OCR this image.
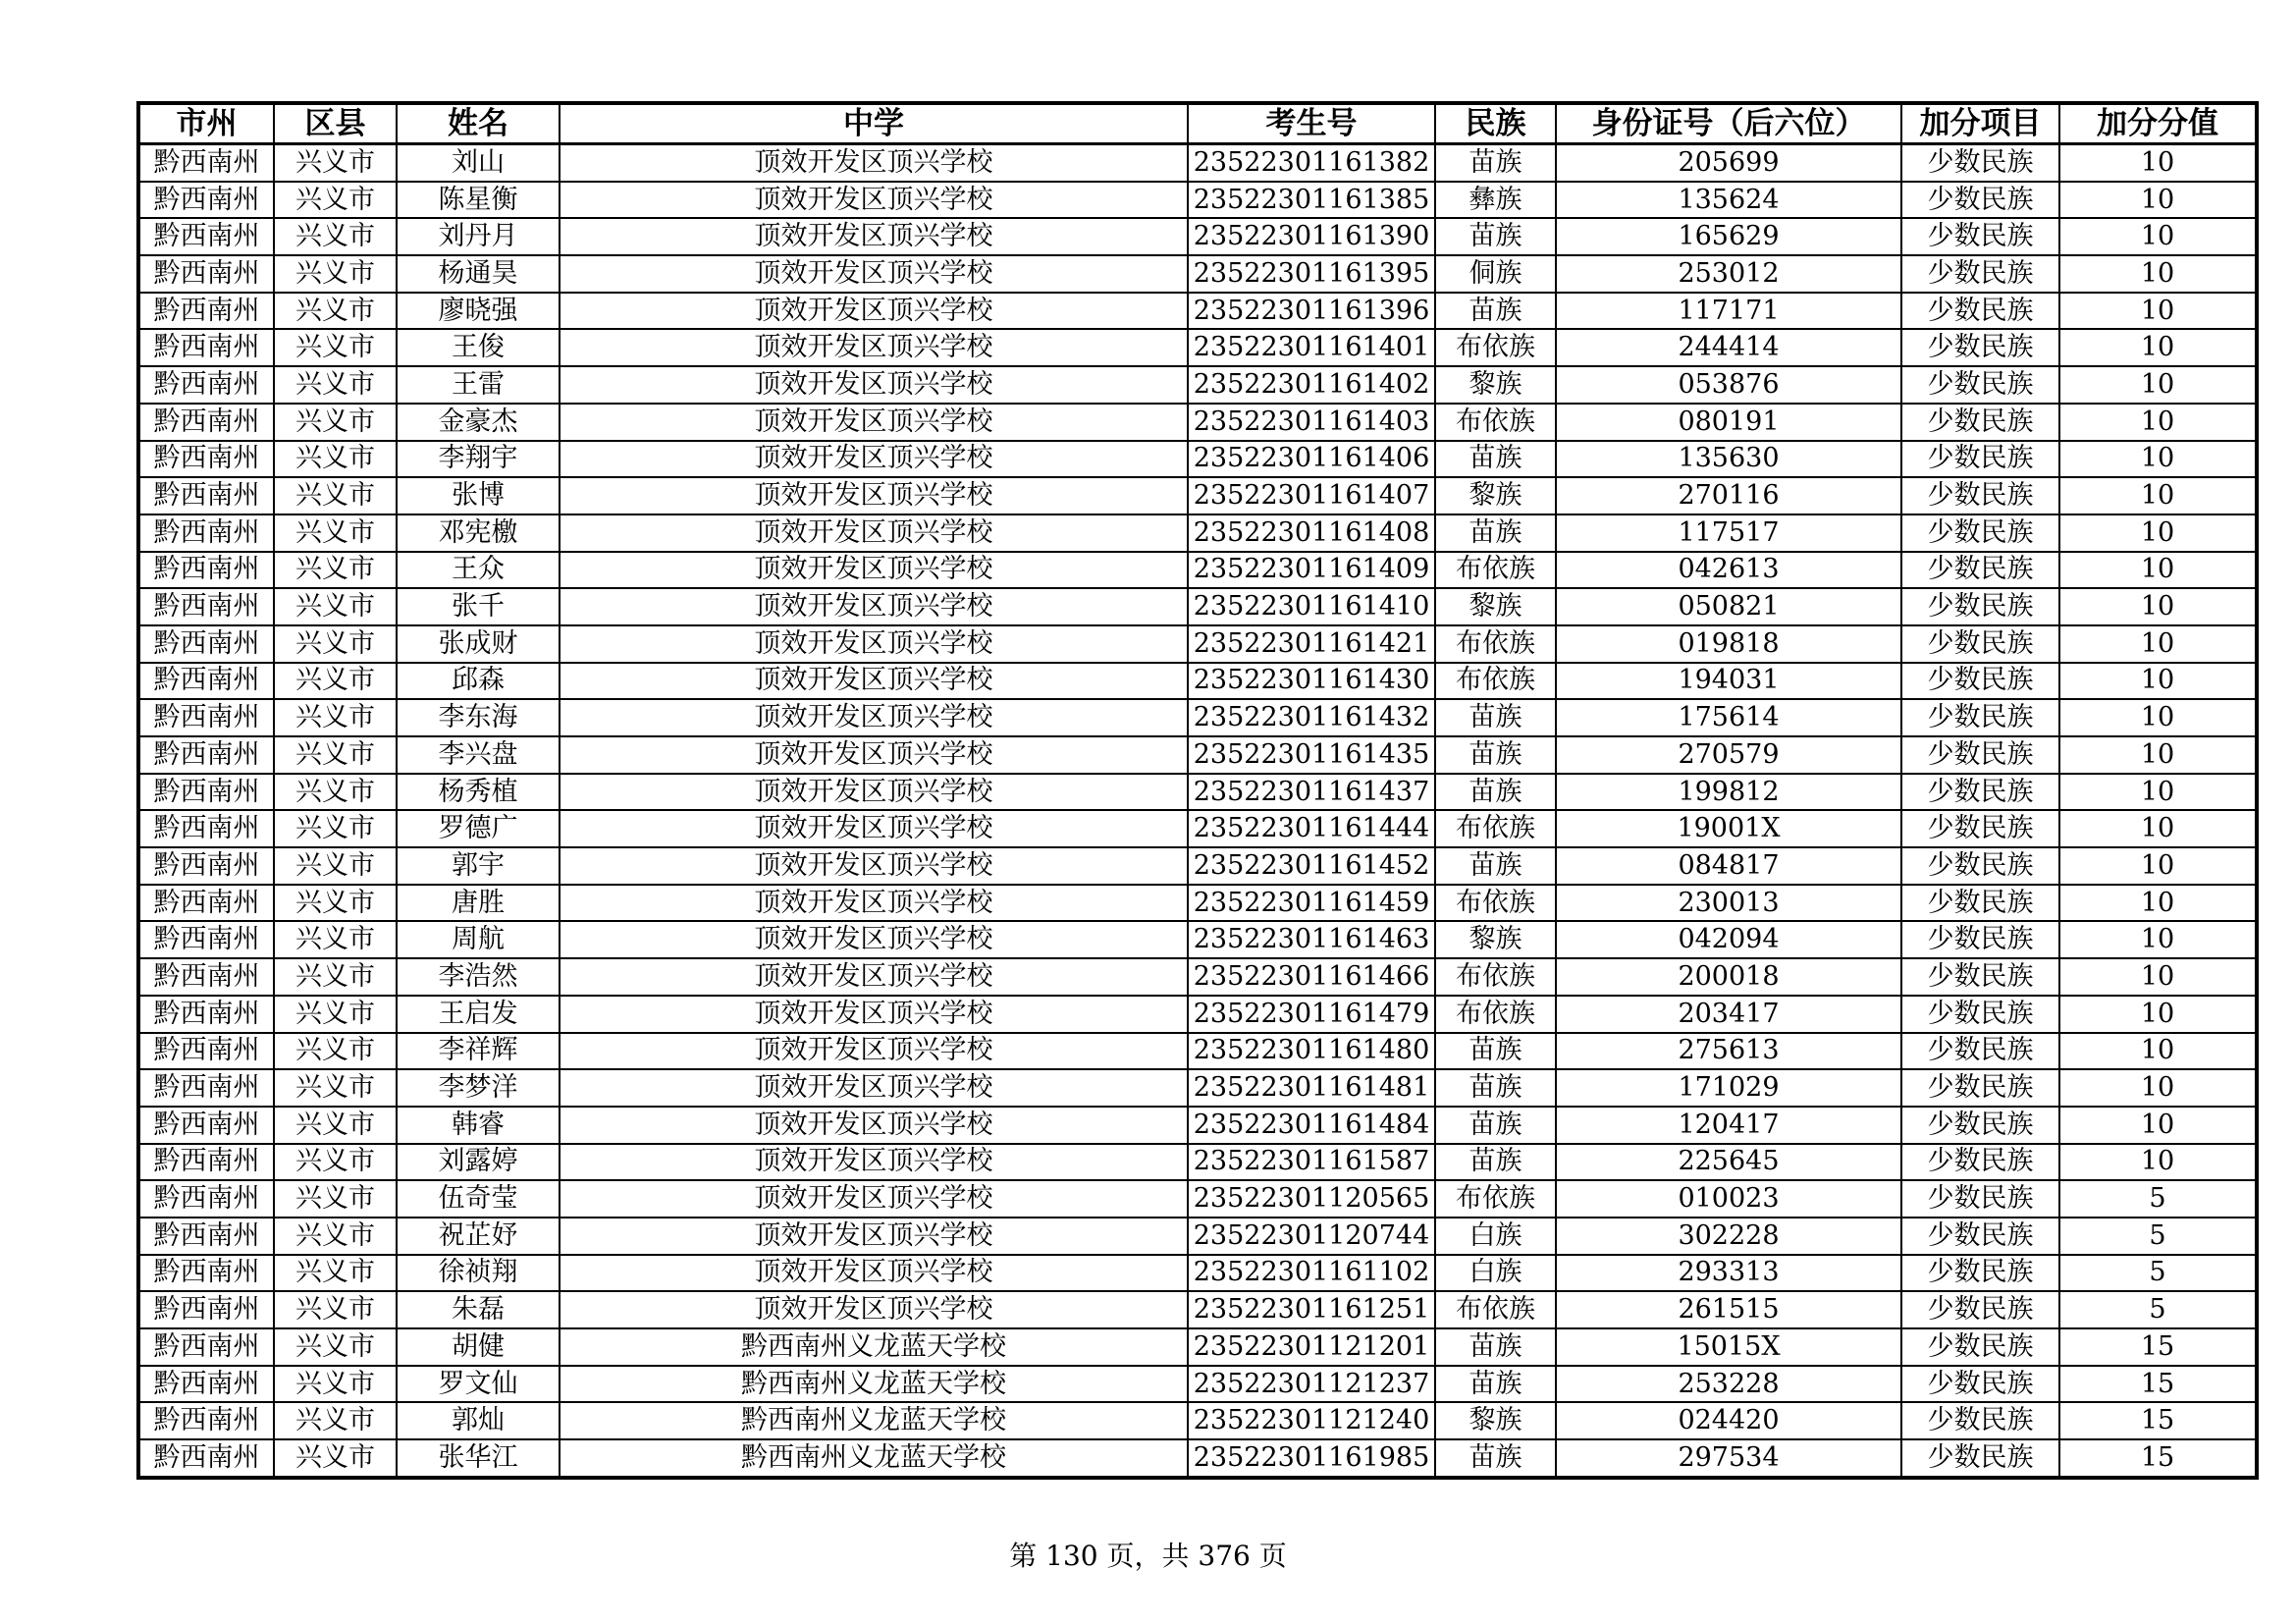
市州	区县	姓名	中学	考生号	民族	身份证号（后六位）	加分项目	加分分值
黔西南州	兴义市	刘山	顶效开发区顶兴学校	23522301161382	苗族	205699	少数民族	10
黔西南州	兴义市	陈星衡	顶效开发区顶兴学校	23522301161385	彝族	135624	少数民族	10
黔西南州	兴义市	刘丹月	顶效开发区顶兴学校	23522301161390	苗族	165629	少数民族	10
黔西南州	兴义市	杨通昊	顶效开发区顶兴学校	23522301161395	侗族	253012	少数民族	10
黔西南州	兴义市	廖晓强	顶效开发区顶兴学校	23522301161396	苗族	117171	少数民族	10
黔西南州	兴义市	王俊	顶效开发区顶兴学校	23522301161401	布依族	244414	少数民族	10
黔西南州	兴义市	王雷	顶效开发区顶兴学校	23522301161402	黎族	053876	少数民族	10
黔西南州	兴义市	金豪杰	顶效开发区顶兴学校	23522301161403	布依族	080191	少数民族	10
黔西南州	兴义市	李翔宇	顶效开发区顶兴学校	23522301161406	苗族	135630	少数民族	10
黔西南州	兴义市	张博	顶效开发区顶兴学校	23522301161407	黎族	270116	少数民族	10
黔西南州	兴义市	邓宪檄	顶效开发区顶兴学校	23522301161408	苗族	117517	少数民族	10
黔西南州	兴义市	王众	顶效开发区顶兴学校	23522301161409	布依族	042613	少数民族	10
黔西南州	兴义市	张千	顶效开发区顶兴学校	23522301161410	黎族	050821	少数民族	10
黔西南州	兴义市	张成财	顶效开发区顶兴学校	23522301161421	布依族	019818	少数民族	10
黔西南州	兴义市	邱森	顶效开发区顶兴学校	23522301161430	布依族	194031	少数民族	10
黔西南州	兴义市	李东海	顶效开发区顶兴学校	23522301161432	苗族	175614	少数民族	10
黔西南州	兴义市	李兴盘	顶效开发区顶兴学校	23522301161435	苗族	270579	少数民族	10
黔西南州	兴义市	杨秀植	顶效开发区顶兴学校	23522301161437	苗族	199812	少数民族	10
黔西南州	兴义市	罗德广	顶效开发区顶兴学校	23522301161444	布依族	19001X	少数民族	10
黔西南州	兴义市	郭宇	顶效开发区顶兴学校	23522301161452	苗族	084817	少数民族	10
黔西南州	兴义市	唐胜	顶效开发区顶兴学校	23522301161459	布依族	230013	少数民族	10
黔西南州	兴义市	周航	顶效开发区顶兴学校	23522301161463	黎族	042094	少数民族	10
黔西南州	兴义市	李浩然	顶效开发区顶兴学校	23522301161466	布依族	200018	少数民族	10
黔西南州	兴义市	王启发	顶效开发区顶兴学校	23522301161479	布依族	203417	少数民族	10
黔西南州	兴义市	李祥辉	顶效开发区顶兴学校	23522301161480	苗族	275613	少数民族	10
黔西南州	兴义市	李梦洋	顶效开发区顶兴学校	23522301161481	苗族	171029	少数民族	10
黔西南州	兴义市	韩睿	顶效开发区顶兴学校	23522301161484	苗族	120417	少数民族	10
黔西南州	兴义市	刘露婷	顶效开发区顶兴学校	23522301161587	苗族	225645	少数民族	10
黔西南州	兴义市	伍奇莹	顶效开发区顶兴学校	23522301120565	布依族	010023	少数民族	5
黔西南州	兴义市	祝芷妤	顶效开发区顶兴学校	23522301120744	白族	302228	少数民族	5
黔西南州	兴义市	徐祯翔	顶效开发区顶兴学校	23522301161102	白族	293313	少数民族	5
黔西南州	兴义市	朱磊	顶效开发区顶兴学校	23522301161251	布依族	261515	少数民族	5
黔西南州	兴义市	胡健	黔西南州义龙蓝天学校	23522301121201	苗族	15015X	少数民族	15
黔西南州	兴义市	罗文仙	黔西南州义龙蓝天学校	23522301121237	苗族	253228	少数民族	15
黔西南州	兴义市	郭灿	黔西南州义龙蓝天学校	23522301121240	黎族	024420	少数民族	15
黔西南州	兴义市	张华江	黔西南州义龙蓝天学校	23522301161985	苗族	297534	少数民族	15
第 130 页，共 376 页
